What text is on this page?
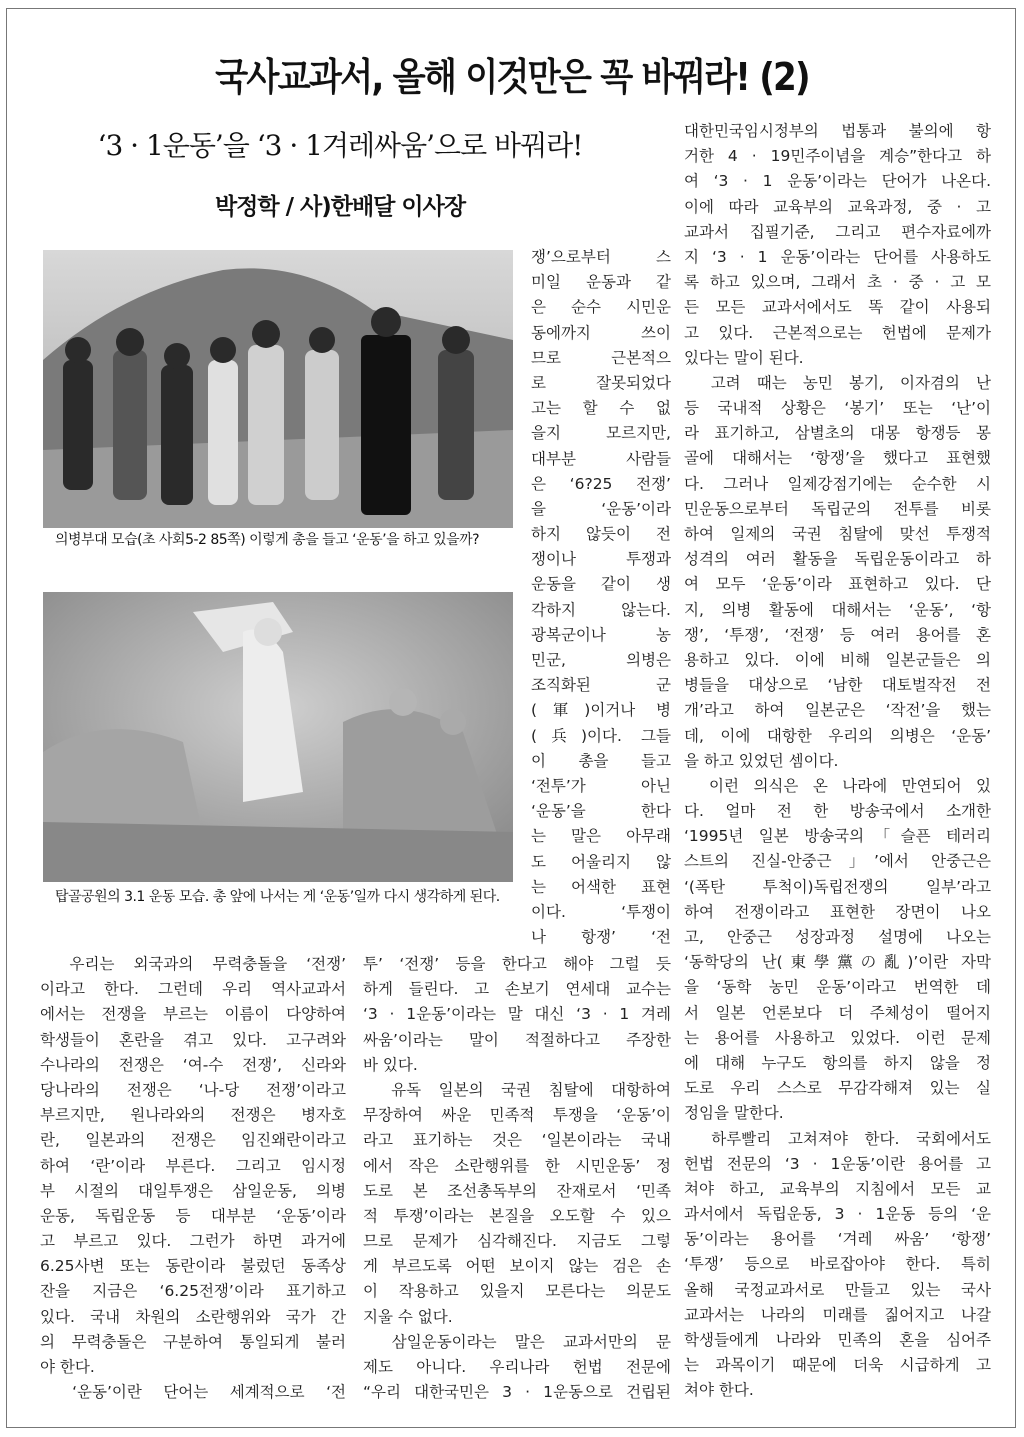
국사교과서, 올해 이것만은 꼭 바꿔라! (2)
‘3 · 1운동’을 ‘3 · 1겨레싸움’으로 바꿔라!
박정학 / 사)한배달 이사장
의병부대 모습(초 사회5-2 85쪽) 이렇게 총을 들고 ‘운동’을 하고 있을까?
탑골공원의 3.1 운동 모습. 총 앞에 나서는 게 ‘운동’일까 다시 생각하게 된다.
　우리는 외국과의 무력충돌을 ‘전쟁’
이라고 한다. 그런데 우리 역사교과서
에서는 전쟁을 부르는 이름이 다양하여
학생들이 혼란을 겪고 있다. 고구려와
수나라의 전쟁은 ‘여-수 전쟁’, 신라와
당나라의 전쟁은 ‘나-당 전쟁’이라고
부르지만, 원나라와의 전쟁은 병자호
란, 일본과의 전쟁은 임진왜란이라고
하여 ‘란’이라 부른다. 그리고 임시정
부 시절의 대일투쟁은 삼일운동, 의병
운동, 독립운동 등 대부분 ‘운동’이라
고 부르고 있다. 그런가 하면 과거에
6.25사변 또는 동란이라 불렀던 동족상
잔을 지금은 ‘6.25전쟁’이라 표기하고
있다. 국내 차원의 소란행위와 국가 간
의 무력충돌은 구분하여 통일되게 불러
야 한다.
　‘운동’이란 단어는 세계적으로 ‘전
쟁’으로부터 스
미일 운동과 같
은 순수 시민운
동에까지 쓰이
므로 근본적으
로 잘못되었다
고는 할 수 없
을지 모르지만,
대부분 사람들
은 ‘6?25 전쟁’
을 ‘운동’이라
하지 않듯이 전
쟁이나 투쟁과
운동을 같이 생
각하지 않는다.
광복군이나 농
민군, 의병은
조직화된 군
(軍)이거나 병
(兵)이다. 그들
이 총을 들고
‘전투’가 아닌
‘운동’을 한다
는 말은 아무래
도 어울리지 않
는 어색한 표현
이다. ‘투쟁이
나 항쟁’ ‘전
투’ ‘전쟁’ 등을 한다고 해야 그럴 듯
하게 들린다. 고 손보기 연세대 교수는
‘3 · 1운동’이라는 말 대신 ‘3 · 1 겨레
싸움’이라는 말이 적절하다고 주장한
바 있다.
　유독 일본의 국권 침탈에 대항하여
무장하여 싸운 민족적 투쟁을 ‘운동’이
라고 표기하는 것은 ‘일본이라는 국내
에서 작은 소란행위를 한 시민운동’ 정
도로 본 조선총독부의 잔재로서 ‘민족
적 투쟁’이라는 본질을 오도할 수 있으
므로 문제가 심각해진다. 지금도 그렇
게 부르도록 어떤 보이지 않는 검은 손
이 작용하고 있을지 모른다는 의문도
지울 수 없다.
　삼일운동이라는 말은 교과서만의 문
제도 아니다. 우리나라 헌법 전문에
“우리 대한국민은 3 · 1운동으로 건립된
대한민국임시정부의 법통과 불의에 항
거한 4 · 19민주이념을 계승”한다고 하
여 ‘3 · 1 운동’이라는 단어가 나온다.
이에 따라 교육부의 교육과정, 중 · 고
교과서 집필기준, 그리고 편수자료에까
지 ‘3 · 1 운동’이라는 단어를 사용하도
록 하고 있으며, 그래서 초 · 중 · 고 모
든 모든 교과서에서도 똑 같이 사용되
고 있다. 근본적으로는 헌법에 문제가
있다는 말이 된다.
　고려 때는 농민 봉기, 이자겸의 난
등 국내적 상황은 ‘봉기’ 또는 ‘난’이
라 표기하고, 삼별초의 대몽 항쟁등 몽
골에 대해서는 ‘항쟁’을 했다고 표현했
다. 그러나 일제강점기에는 순수한 시
민운동으로부터 독립군의 전투를 비롯
하여 일제의 국권 침탈에 맞선 투쟁적
성격의 여러 활동을 독립운동이라고 하
여 모두 ‘운동’이라 표현하고 있다. 단
지, 의병 활동에 대해서는 ‘운동’, ‘항
쟁’, ‘투쟁’, ‘전쟁’ 등 여러 용어를 혼
용하고 있다. 이에 비해 일본군들은 의
병들을 대상으로 ‘남한 대토벌작전 전
개’라고 하여 일본군은 ‘작전’을 했는
데, 이에 대항한 우리의 의병은 ‘운동’
을 하고 있었던 셈이다.
　이런 의식은 온 나라에 만연되어 있
다. 얼마 전 한 방송국에서 소개한
‘1995년 일본 방송국의「슬픈 테러리
스트의 진실-안중근」’에서 안중근은
‘(폭탄 투척이)독립전쟁의 일부’라고
하여 전쟁이라고 표현한 장면이 나오
고, 안중근 성장과정 설명에 나오는
‘동학당의 난(東學黨の亂)’이란 자막
을 ‘동학 농민 운동’이라고 번역한 데
서 일본 언론보다 더 주체성이 떨어지
는 용어를 사용하고 있었다. 이런 문제
에 대해 누구도 항의를 하지 않을 정
도로 우리 스스로 무감각해져 있는 실
정임을 말한다.
　하루빨리 고쳐져야 한다. 국회에서도
헌법 전문의 ‘3 · 1운동’이란 용어를 고
쳐야 하고, 교육부의 지침에서 모든 교
과서에서 독립운동, 3 · 1운동 등의 ‘운
동’이라는 용어를 ‘겨레 싸움’ ‘항쟁’
‘투쟁’ 등으로 바로잡아야 한다. 특히
올해 국정교과서로 만들고 있는 국사
교과서는 나라의 미래를 짊어지고 나갈
학생들에게 나라와 민족의 혼을 심어주
는 과목이기 때문에 더욱 시급하게 고
쳐야 한다.
